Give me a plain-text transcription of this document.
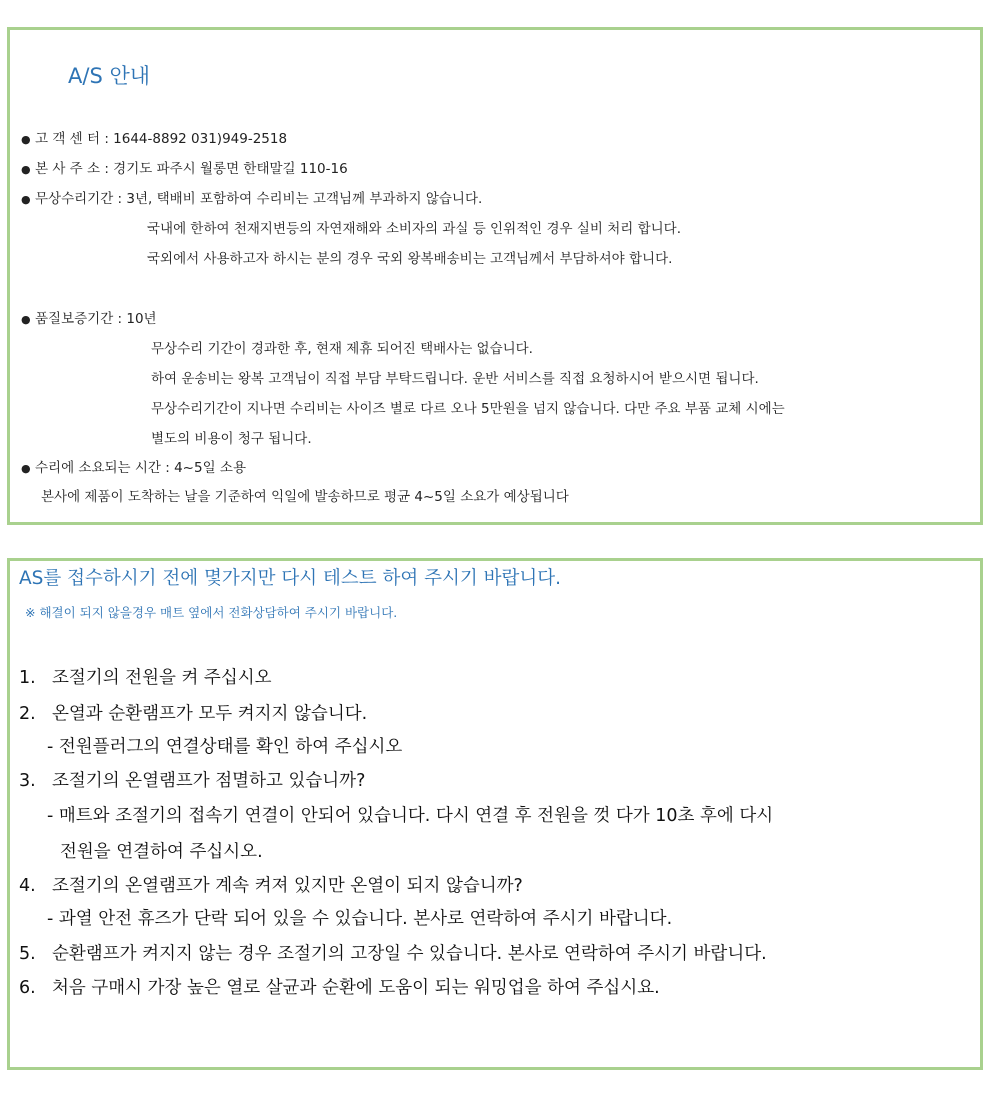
A/S 안내
● 고 객 센 터 : 1644-8892 031)949-2518
● 본 사 주 소 : 경기도 파주시 월롱면 한태말길 110-16
● 무상수리기간 : 3년, 택배비 포함하여 수리비는 고객님께 부과하지 않습니다.
국내에 한하여 천재지변등의 자연재해와 소비자의 과실 등 인위적인 경우 실비 처리 합니다.
국외에서 사용하고자 하시는 분의 경우 국외 왕복배송비는 고객님께서 부담하셔야 합니다.
● 품질보증기간 : 10년
무상수리 기간이 경과한 후, 현재 제휴 되어진 택배사는 없습니다.
하여 운송비는 왕복 고객님이 직접 부담 부탁드립니다. 운반 서비스를 직접 요청하시어 받으시면 됩니다.
무상수리기간이 지나면 수리비는 사이즈 별로 다르 오나 5만원을 넘지 않습니다. 다만 주요 부품 교체 시에는
별도의 비용이 청구 됩니다.
● 수리에 소요되는 시간 : 4~5일 소용
본사에 제품이 도착하는 날을 기준하여 익일에 발송하므로 평균 4~5일 소요가 예상됩니다
AS를 접수하시기 전에 몇가지만 다시 테스트 하여 주시기 바랍니다.
※ 해결이 되지 않을경우 매트 옆에서 전화상담하여 주시기 바랍니다.
1. 조절기의 전원을 켜 주십시오
2. 온열과 순환램프가 모두 켜지지 않습니다.
- 전원플러그의 연결상태를 확인 하여 주십시오
3. 조절기의 온열램프가 점멸하고 있습니까?
- 매트와 조절기의 접속기 연결이 안되어 있습니다. 다시 연결 후 전원을 껏 다가 10초 후에 다시
전원을 연결하여 주십시오.
4. 조절기의 온열램프가 계속 켜져 있지만 온열이 되지 않습니까?
- 과열 안전 휴즈가 단락 되어 있을 수 있습니다. 본사로 연락하여 주시기 바랍니다.
5. 순환램프가 켜지지 않는 경우 조절기의 고장일 수 있습니다. 본사로 연락하여 주시기 바랍니다.
6. 처음 구매시 가장 높은 열로 살균과 순환에 도움이 되는 워밍업을 하여 주십시요.
